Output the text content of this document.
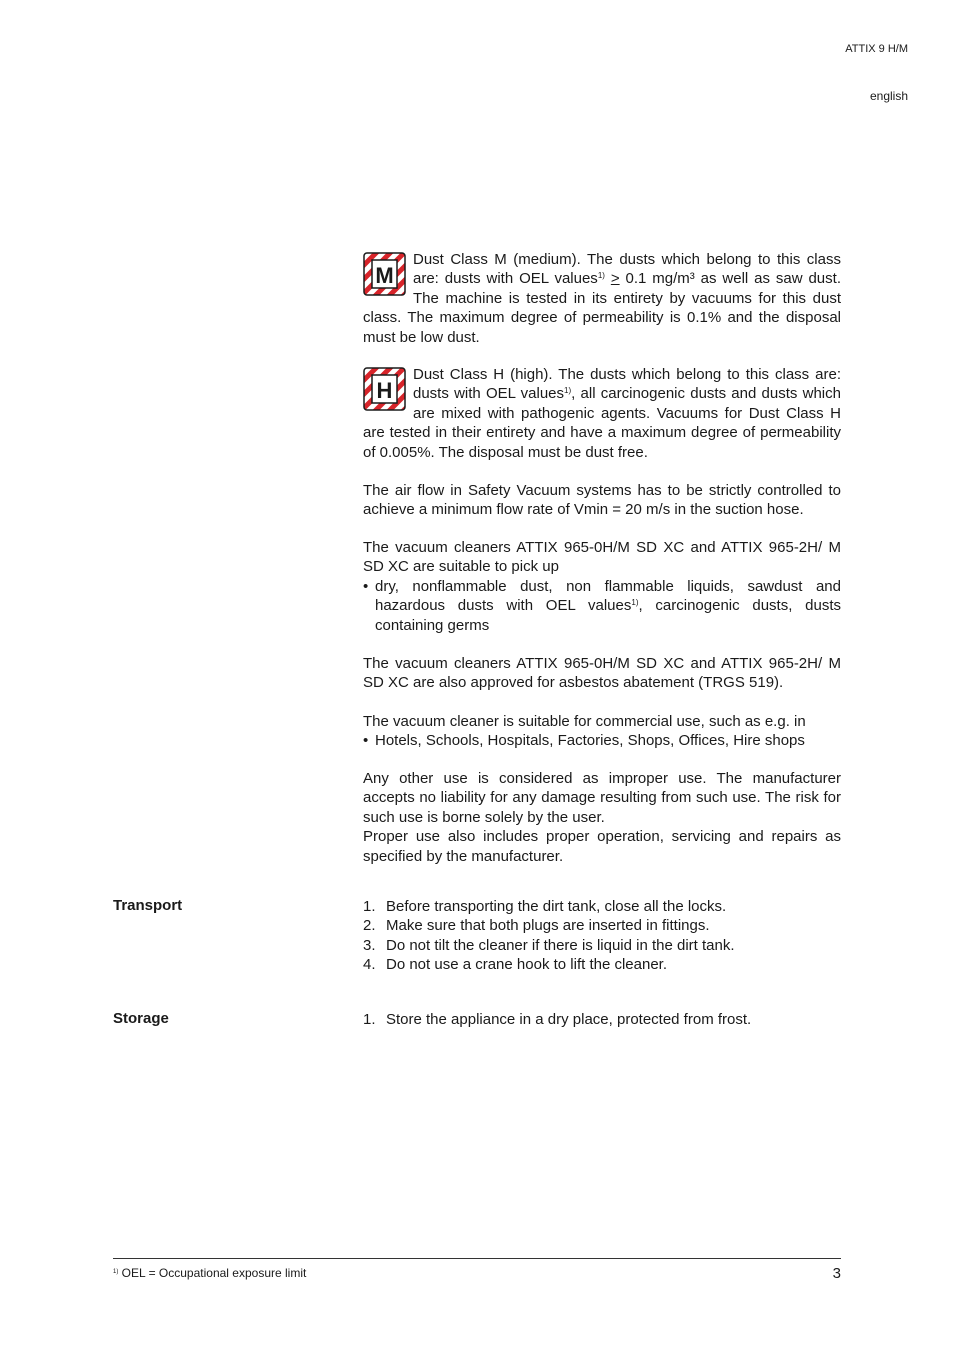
ATTIX 9 H/M
english

M
Dust Class M (medium). The dusts which belong to this class are: dusts with OEL values$^{1)}$ > 0.1 mg/m³ as well as saw dust. The machine is tested in its entirety by vacuums for this dust class. The maximum degree of permeability is 0.1% and the disposal must be low dust.

H
Dust Class H (high). The dusts which belong to this class are: dusts with OEL values$^{1)}$, all carcinogenic dusts and dusts which are mixed with pathogenic agents. Vacuums for Dust Class H are tested in their entirety and have a maximum degree of permeability of 0.005%. The disposal must be dust free.

The air flow in Safety Vacuum systems has to be strictly controlled to achieve a minimum flow rate of Vmin = 20 m/s in the suction hose.

The vacuum cleaners ATTIX 965-0H/M SD XC and ATTIX 965-2H/ M SD XC are suitable to pick up

• dry, nonflammable dust, non flammable liquids, sawdust and hazardous dusts with OEL values$^{1)}$, carcinogenic dusts, dusts containing germs

The vacuum cleaners ATTIX 965-0H/M SD XC and ATTIX 965-2H/ M SD XC are also approved for asbestos abatement (TRGS 519).

The vacuum cleaner is suitable for commercial use, such as e.g. in

• Hotels, Schools, Hospitals, Factories, Shops, Offices, Hire shops

Any other use is considered as improper use. The manufacturer accepts no liability for any damage resulting from such use. The risk for such use is borne solely by the user.

Proper use also includes proper operation, servicing and repairs as specified by the manufacturer.

Transport	1. Before transporting the dirt tank, close all the locks.
2. Make sure that both plugs are inserted in fittings.
3. Do not tilt the cleaner if there is liquid in the dirt tank.
4. Do not use a crane hook to lift the cleaner.
Storage	1. Store the appliance in a dry place, protected from frost.
$^{1)}$ OEL = Occupational exposure limit	3
